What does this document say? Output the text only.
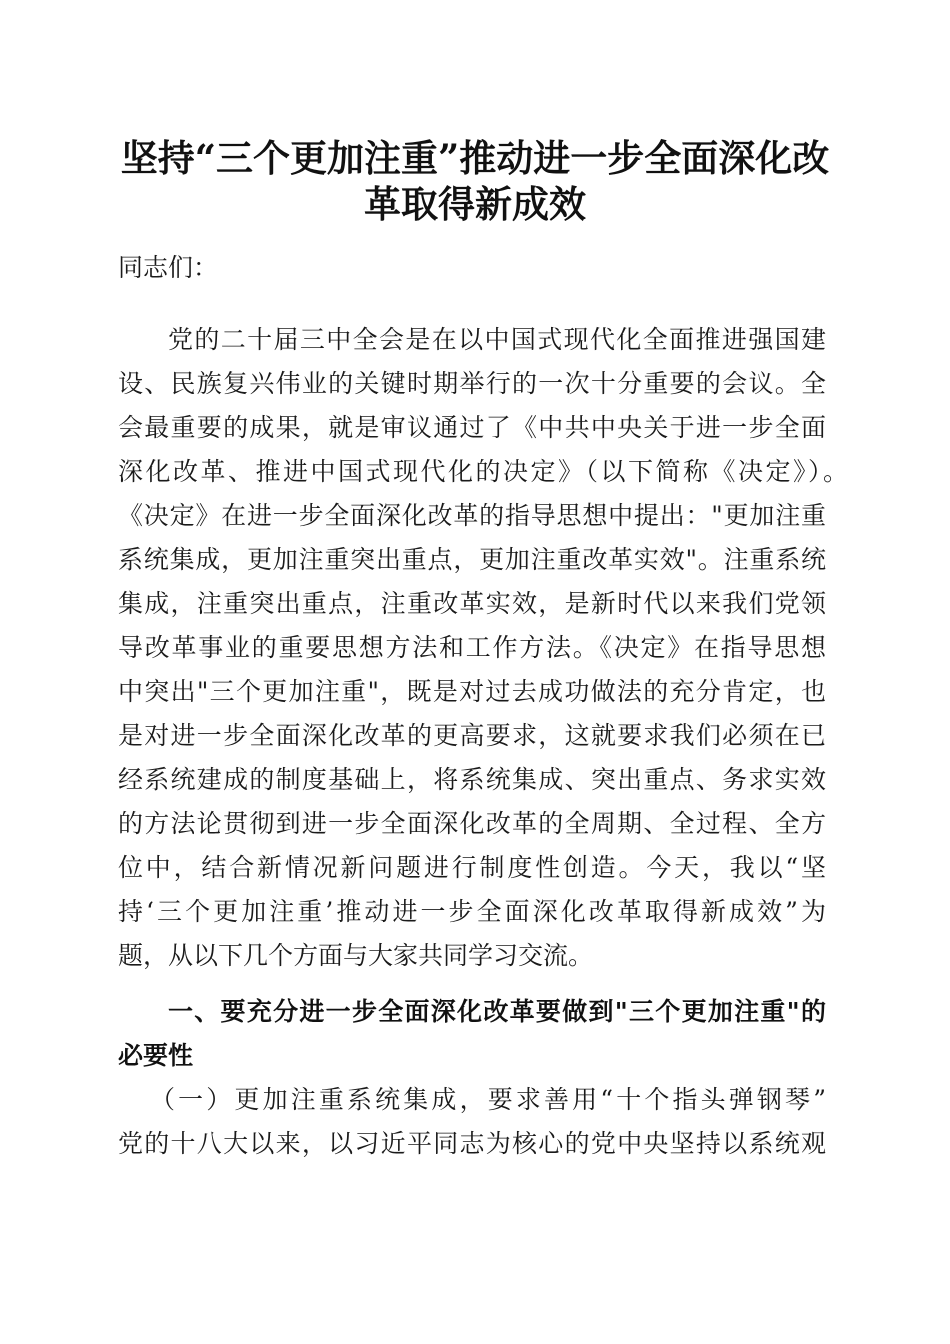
坚持“三个更加注重”推动进一步全面深化改
革取得新成效

同志们：

党的二十届三中全会是在以中国式现代化全面推进强国建

设、民族复兴伟业的关键时期举行的一次十分重要的会议。全

会最重要的成果，就是审议通过了《中共中央关于进一步全面

深化改革、推进中国式现代化的决定》（以下简称《决定》）。

《决定》在进一步全面深化改革的指导思想中提出："更加注重

系统集成，更加注重突出重点，更加注重改革实效"。注重系统

集成，注重突出重点，注重改革实效，是新时代以来我们党领

导改革事业的重要思想方法和工作方法。《决定》在指导思想

中突出"三个更加注重"，既是对过去成功做法的充分肯定，也

是对进一步全面深化改革的更高要求，这就要求我们必须在已

经系统建成的制度基础上，将系统集成、突出重点、务求实效

的方法论贯彻到进一步全面深化改革的全周期、全过程、全方

位中，结合新情况新问题进行制度性创造。今天，我以“坚

持‘三个更加注重’推动进一步全面深化改革取得新成效”为

题，从以下几个方面与大家共同学习交流。

一、要充分进一步全面深化改革要做到"三个更加注重"的

必要性

（一）更加注重系统集成，要求善用“十个指头弹钢琴”

党的十八大以来，以习近平同志为核心的党中央坚持以系统观
